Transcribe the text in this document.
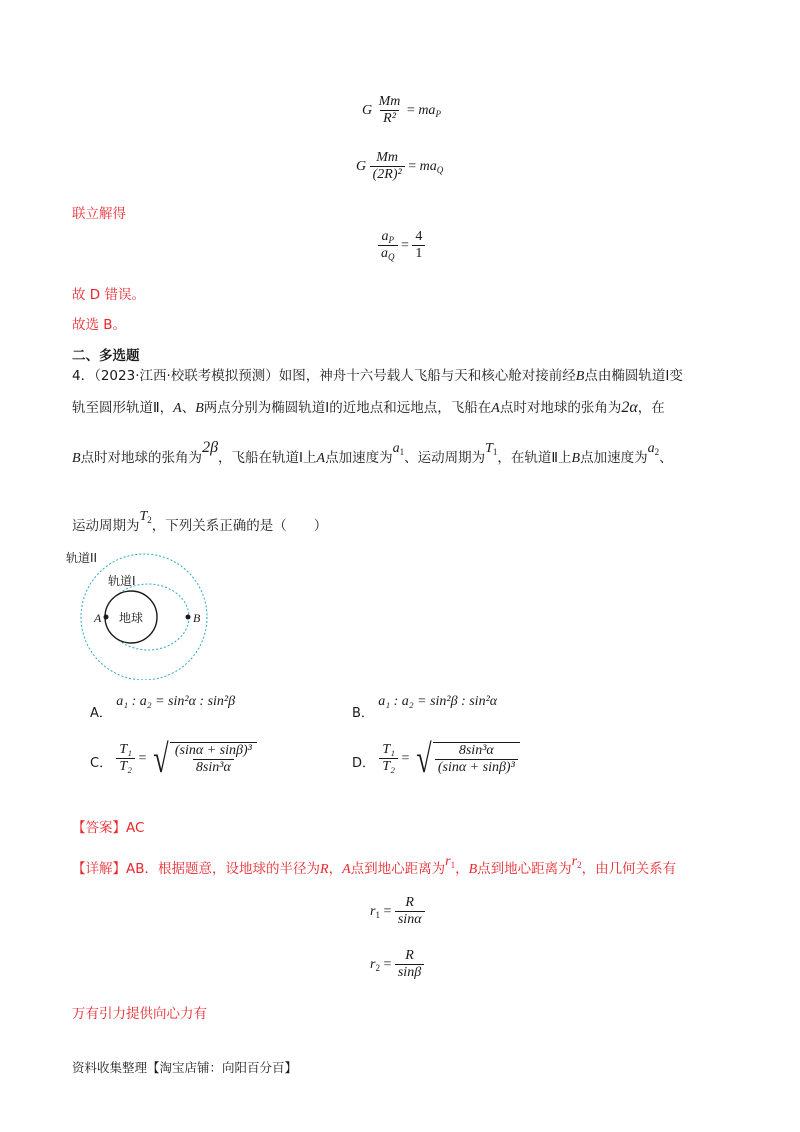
G $\frac{Mm}{\text{R²}} = ma_P$
G $\frac{Mm}{\text{(2R)²}} = ma_Q$
联立解得
$\frac{a_P}{a_Q} = \frac{4}{1}$
故 D 错误。
故选 B。
二、多选题
4．（2023·江西·校联考模拟预测）如图，神舟十六号载人飞船与天和核心舱对接前经B点由椭圆轨道Ⅰ变
轨至圆形轨道Ⅱ，A、B两点分别为椭圆轨道Ⅰ的近地点和远地点，飞船在A点时对地球的张角为2α，在
B点时对地球的张角为2β，飞船在轨道Ⅰ上A点加速度为$a_1$、运动周期为$T_1$，在轨道Ⅱ上B点加速度为$a_2$、
运动周期为$T_2$，下列关系正确的是（　　）
轨道II
轨道I
地球
A	B
A． a₁ : a₂ = sin²α : sin²β
B． a₁ : a₂ = sin²β : sin²α
C． $\frac{\text{T₁}}{\text{T₂}}$ = √ $\frac{\text{(sinα + sinβ)³}}{\text{8sin³α}}$	D． $\frac{\text{T₁}}{\text{T₂}}$ = √ $\frac{\text{8sin³α}}{\text{(sinα + sinβ)³}}$
【答案】AC
【详解】AB．根据题意，设地球的半径为R，A点到地心距离为$r_1$，B点到地心距离为$r_2$，由几何关系有
$r_1 = \frac{R}{\sin\alpha}$
$r_2 = \frac{R}{\sin\beta}$
万有引力提供向心力有
资料收集整理【淘宝店铺：向阳百分百】
